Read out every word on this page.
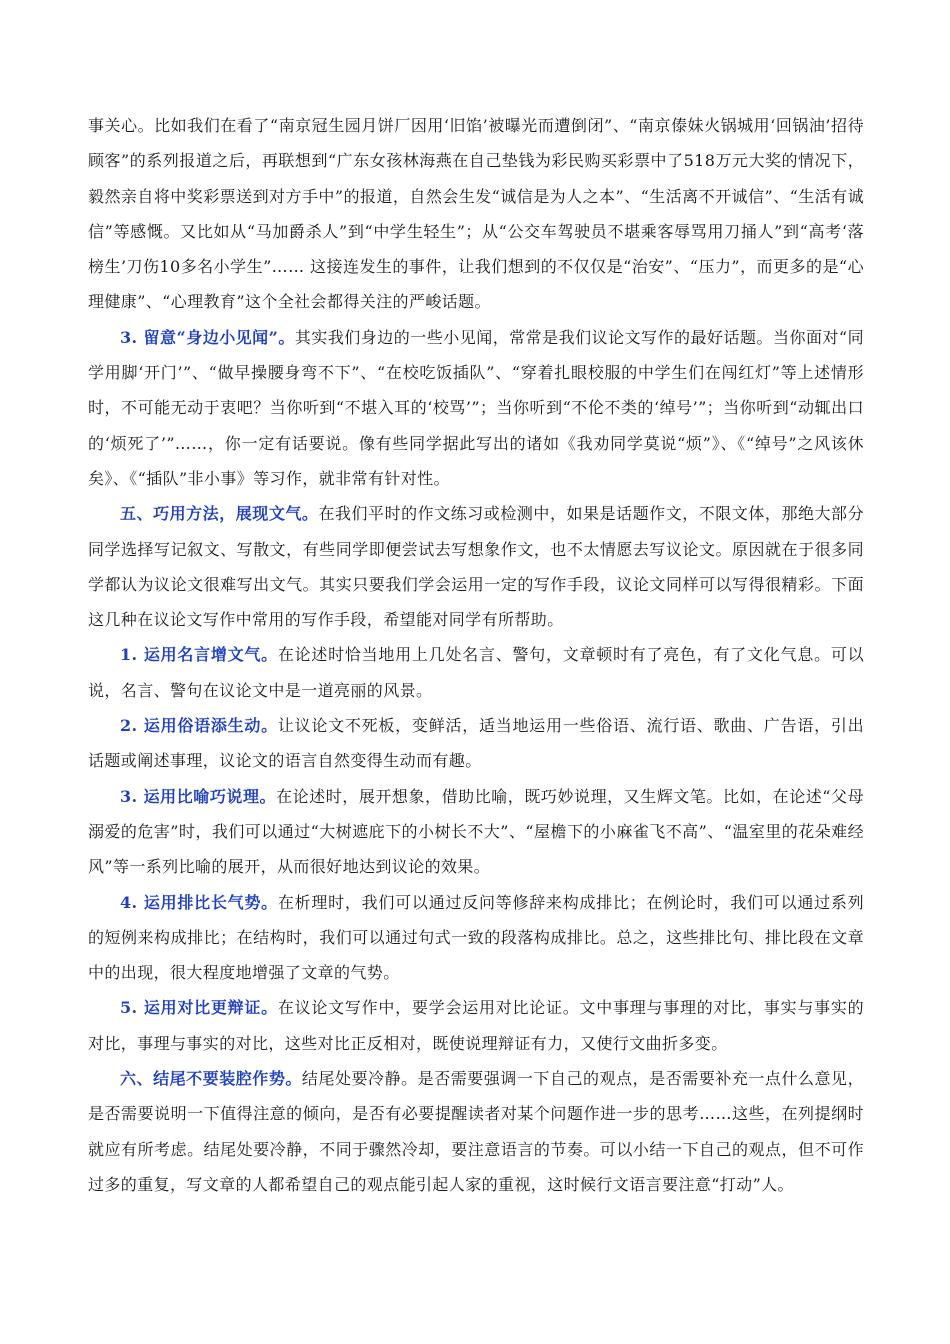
事关心。比如我们在看了“南京冠生园月饼厂因用‘旧馅’被曝光而遭倒闭”、“南京傣妹火锅城用‘回锅油’招待顾客”的系列报道之后，再联想到“广东女孩林海燕在自己垫钱为彩民购买彩票中了518万元大奖的情况下，毅然亲自将中奖彩票送到对方手中”的报道，自然会生发“诚信是为人之本”、“生活离不开诚信”、“生活有诚信”等感慨。又比如从“马加爵杀人”到“中学生轻生”；从“公交车驾驶员不堪乘客辱骂用刀捅人”到“高考‘落榜生’刀伤10多名小学生”…… 这接连发生的事件，让我们想到的不仅仅是“治安”、“压力”，而更多的是“心理健康”、“心理教育”这个全社会都得关注的严峻话题。

3. 留意“身边小见闻”。其实我们身边的一些小见闻，常常是我们议论文写作的最好话题。当你面对“同学用脚‘开门’”、“做早操腰身弯不下”、“在校吃饭插队”、“穿着扎眼校服的中学生们在闯红灯”等上述情形时，不可能无动于衷吧？当你听到“不堪入耳的‘校骂’”；当你听到“不伦不类的‘绰号’”；当你听到“动辄出口的‘烦死了’”……，你一定有话要说。像有些同学据此写出的诸如《我劝同学莫说“烦”》、《“绰号”之风该休矣》、《“插队”非小事》等习作，就非常有针对性。

五、巧用方法，展现文气。在我们平时的作文练习或检测中，如果是话题作文，不限文体，那绝大部分同学选择写记叙文、写散文，有些同学即便尝试去写想象作文，也不太情愿去写议论文。原因就在于很多同学都认为议论文很难写出文气。其实只要我们学会运用一定的写作手段，议论文同样可以写得很精彩。下面这几种在议论文写作中常用的写作手段，希望能对同学有所帮助。

1. 运用名言增文气。在论述时恰当地用上几处名言、警句，文章顿时有了亮色，有了文化气息。可以说，名言、警句在议论文中是一道亮丽的风景。

2. 运用俗语添生动。让议论文不死板，变鲜活，适当地运用一些俗语、流行语、歌曲、广告语，引出话题或阐述事理，议论文的语言自然变得生动而有趣。

3. 运用比喻巧说理。在论述时，展开想象，借助比喻，既巧妙说理，又生辉文笔。比如，在论述“父母溺爱的危害”时，我们可以通过“大树遮庇下的小树长不大”、“屋檐下的小麻雀飞不高”、“温室里的花朵难经风”等一系列比喻的展开，从而很好地达到议论的效果。

4. 运用排比长气势。在析理时，我们可以通过反问等修辞来构成排比；在例论时，我们可以通过系列的短例来构成排比；在结构时，我们可以通过句式一致的段落构成排比。总之，这些排比句、排比段在文章中的出现，很大程度地增强了文章的气势。

5. 运用对比更辩证。在议论文写作中，要学会运用对比论证。文中事理与事理的对比，事实与事实的对比，事理与事实的对比，这些对比正反相对，既使说理辩证有力，又使行文曲折多变。

六、结尾不要装腔作势。结尾处要冷静。是否需要强调一下自己的观点，是否需要补充一点什么意见，是否需要说明一下值得注意的倾向，是否有必要提醒读者对某个问题作进一步的思考……这些，在列提纲时就应有所考虑。结尾处要冷静，不同于骤然冷却，要注意语言的节奏。可以小结一下自己的观点，但不可作过多的重复，写文章的人都希望自己的观点能引起人家的重视，这时候行文语言要注意“打动”人。
